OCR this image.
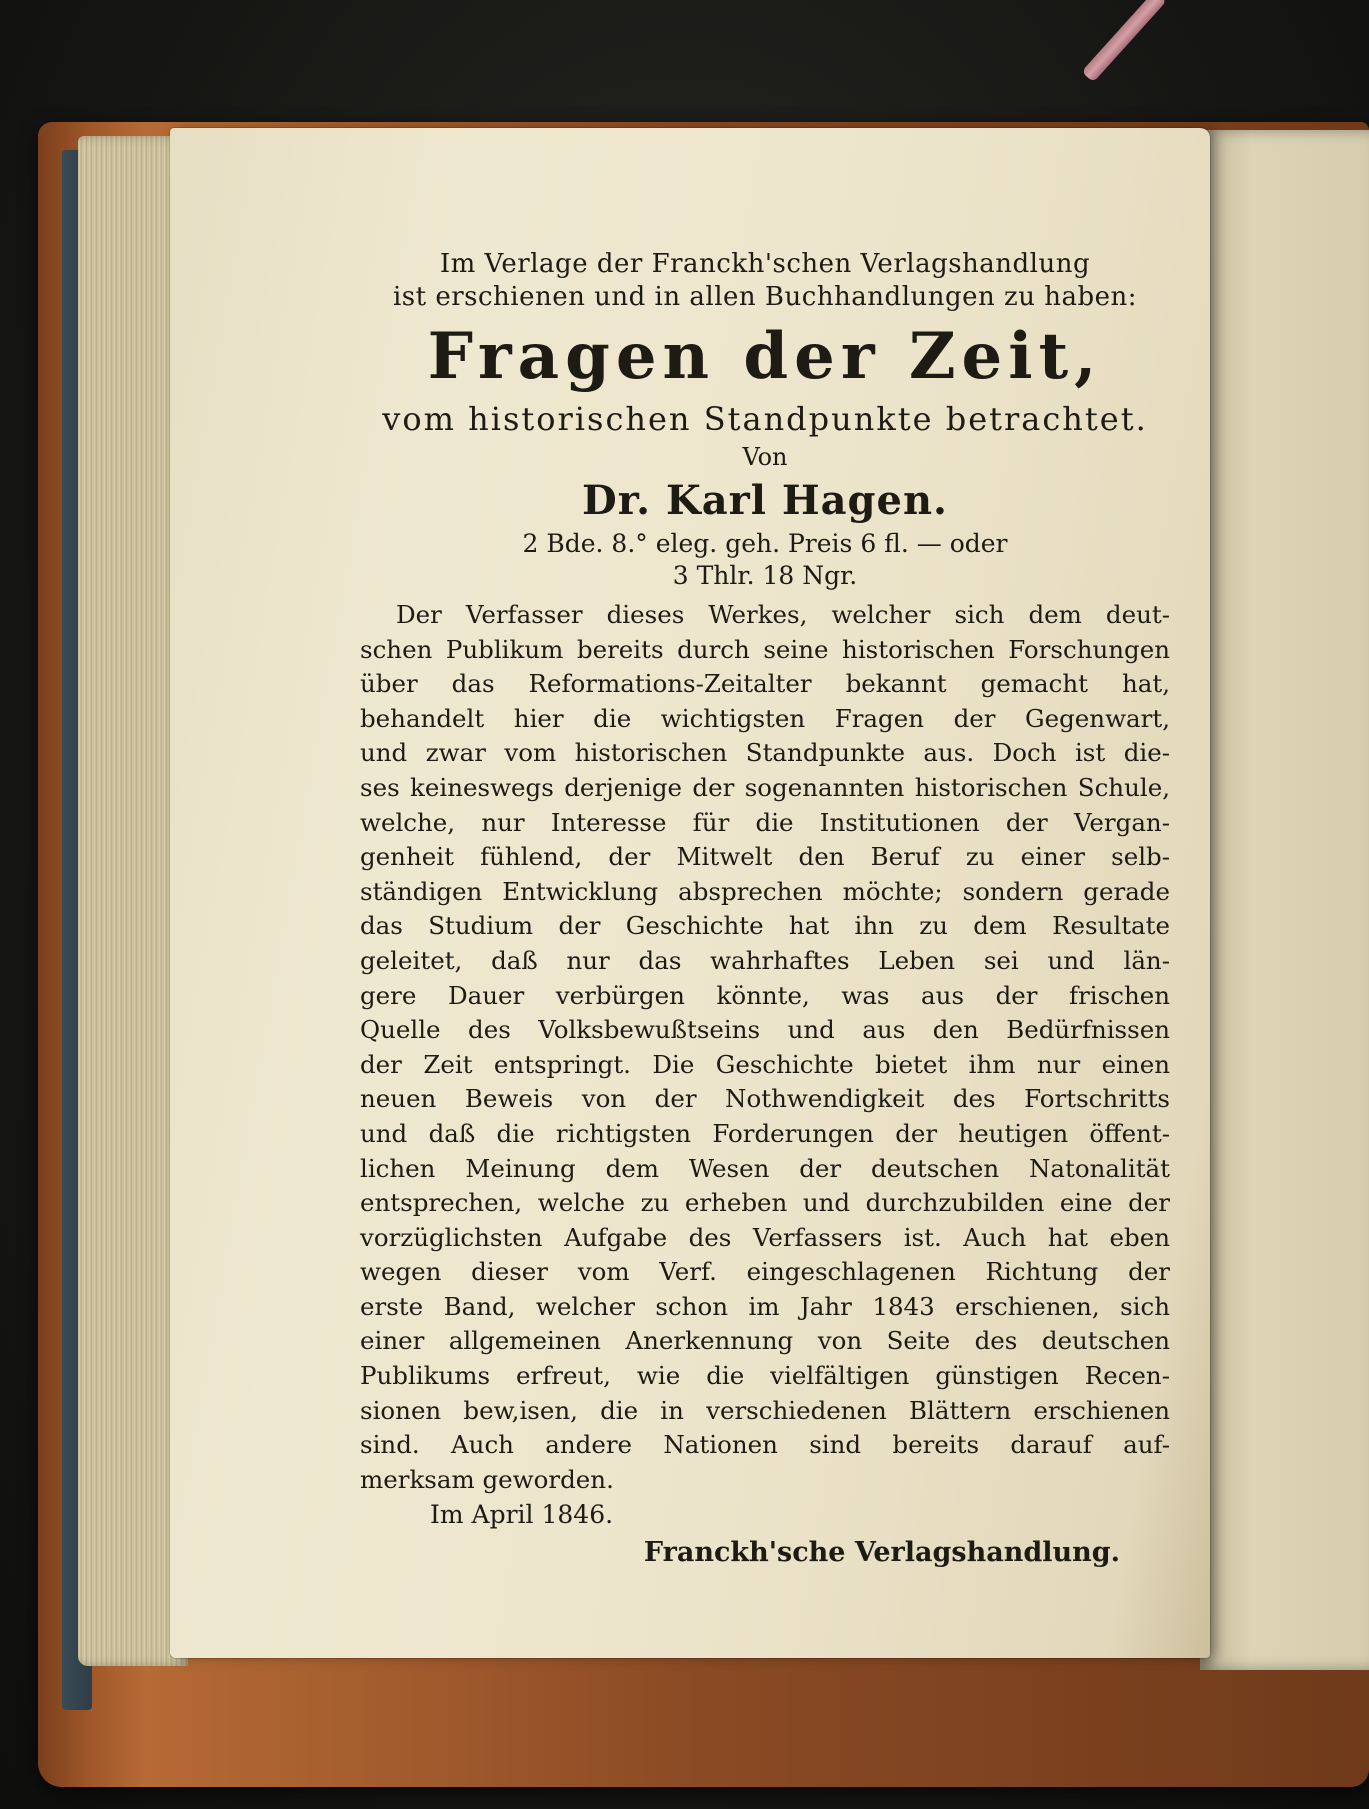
Im Verlage der Franckh'schen Verlagshandlung

ist erschienen und in allen Buchhandlungen zu haben:

Fragen der Zeit,

vom historischen Standpunkte betrachtet.

Von

Dr. Karl Hagen.

2 Bde. 8.° eleg. geh. Preis 6 fl. — oder

3 Thlr. 18 Ngr.

Der Verfasser dieses Werkes, welcher sich dem deut-

schen Publikum bereits durch seine historischen Forschungen

über das Reformations-Zeitalter bekannt gemacht hat,

behandelt hier die wichtigsten Fragen der Gegenwart,

und zwar vom historischen Standpunkte aus. Doch ist die-

ses keineswegs derjenige der sogenannten historischen Schule,

welche, nur Interesse für die Institutionen der Vergan-

genheit fühlend, der Mitwelt den Beruf zu einer selb-

ständigen Entwicklung absprechen möchte; sondern gerade

das Studium der Geschichte hat ihn zu dem Resultate

geleitet, daß nur das wahrhaftes Leben sei und län-

gere Dauer verbürgen könnte, was aus der frischen

Quelle des Volksbewußtseins und aus den Bedürfnissen

der Zeit entspringt. Die Geschichte bietet ihm nur einen

neuen Beweis von der Nothwendigkeit des Fortschritts

und daß die richtigsten Forderungen der heutigen öffent-

lichen Meinung dem Wesen der deutschen Natonalität

entsprechen, welche zu erheben und durchzubilden eine der

vorzüglichsten Aufgabe des Verfassers ist. Auch hat eben

wegen dieser vom Verf. eingeschlagenen Richtung der

erste Band, welcher schon im Jahr 1843 erschienen, sich

einer allgemeinen Anerkennung von Seite des deutschen

Publikums erfreut, wie die vielfältigen günstigen Recen-

sionen bew,isen, die in verschiedenen Blättern erschienen

sind. Auch andere Nationen sind bereits darauf auf-

merksam geworden.

Im April 1846.

Franckh'sche Verlagshandlung.
